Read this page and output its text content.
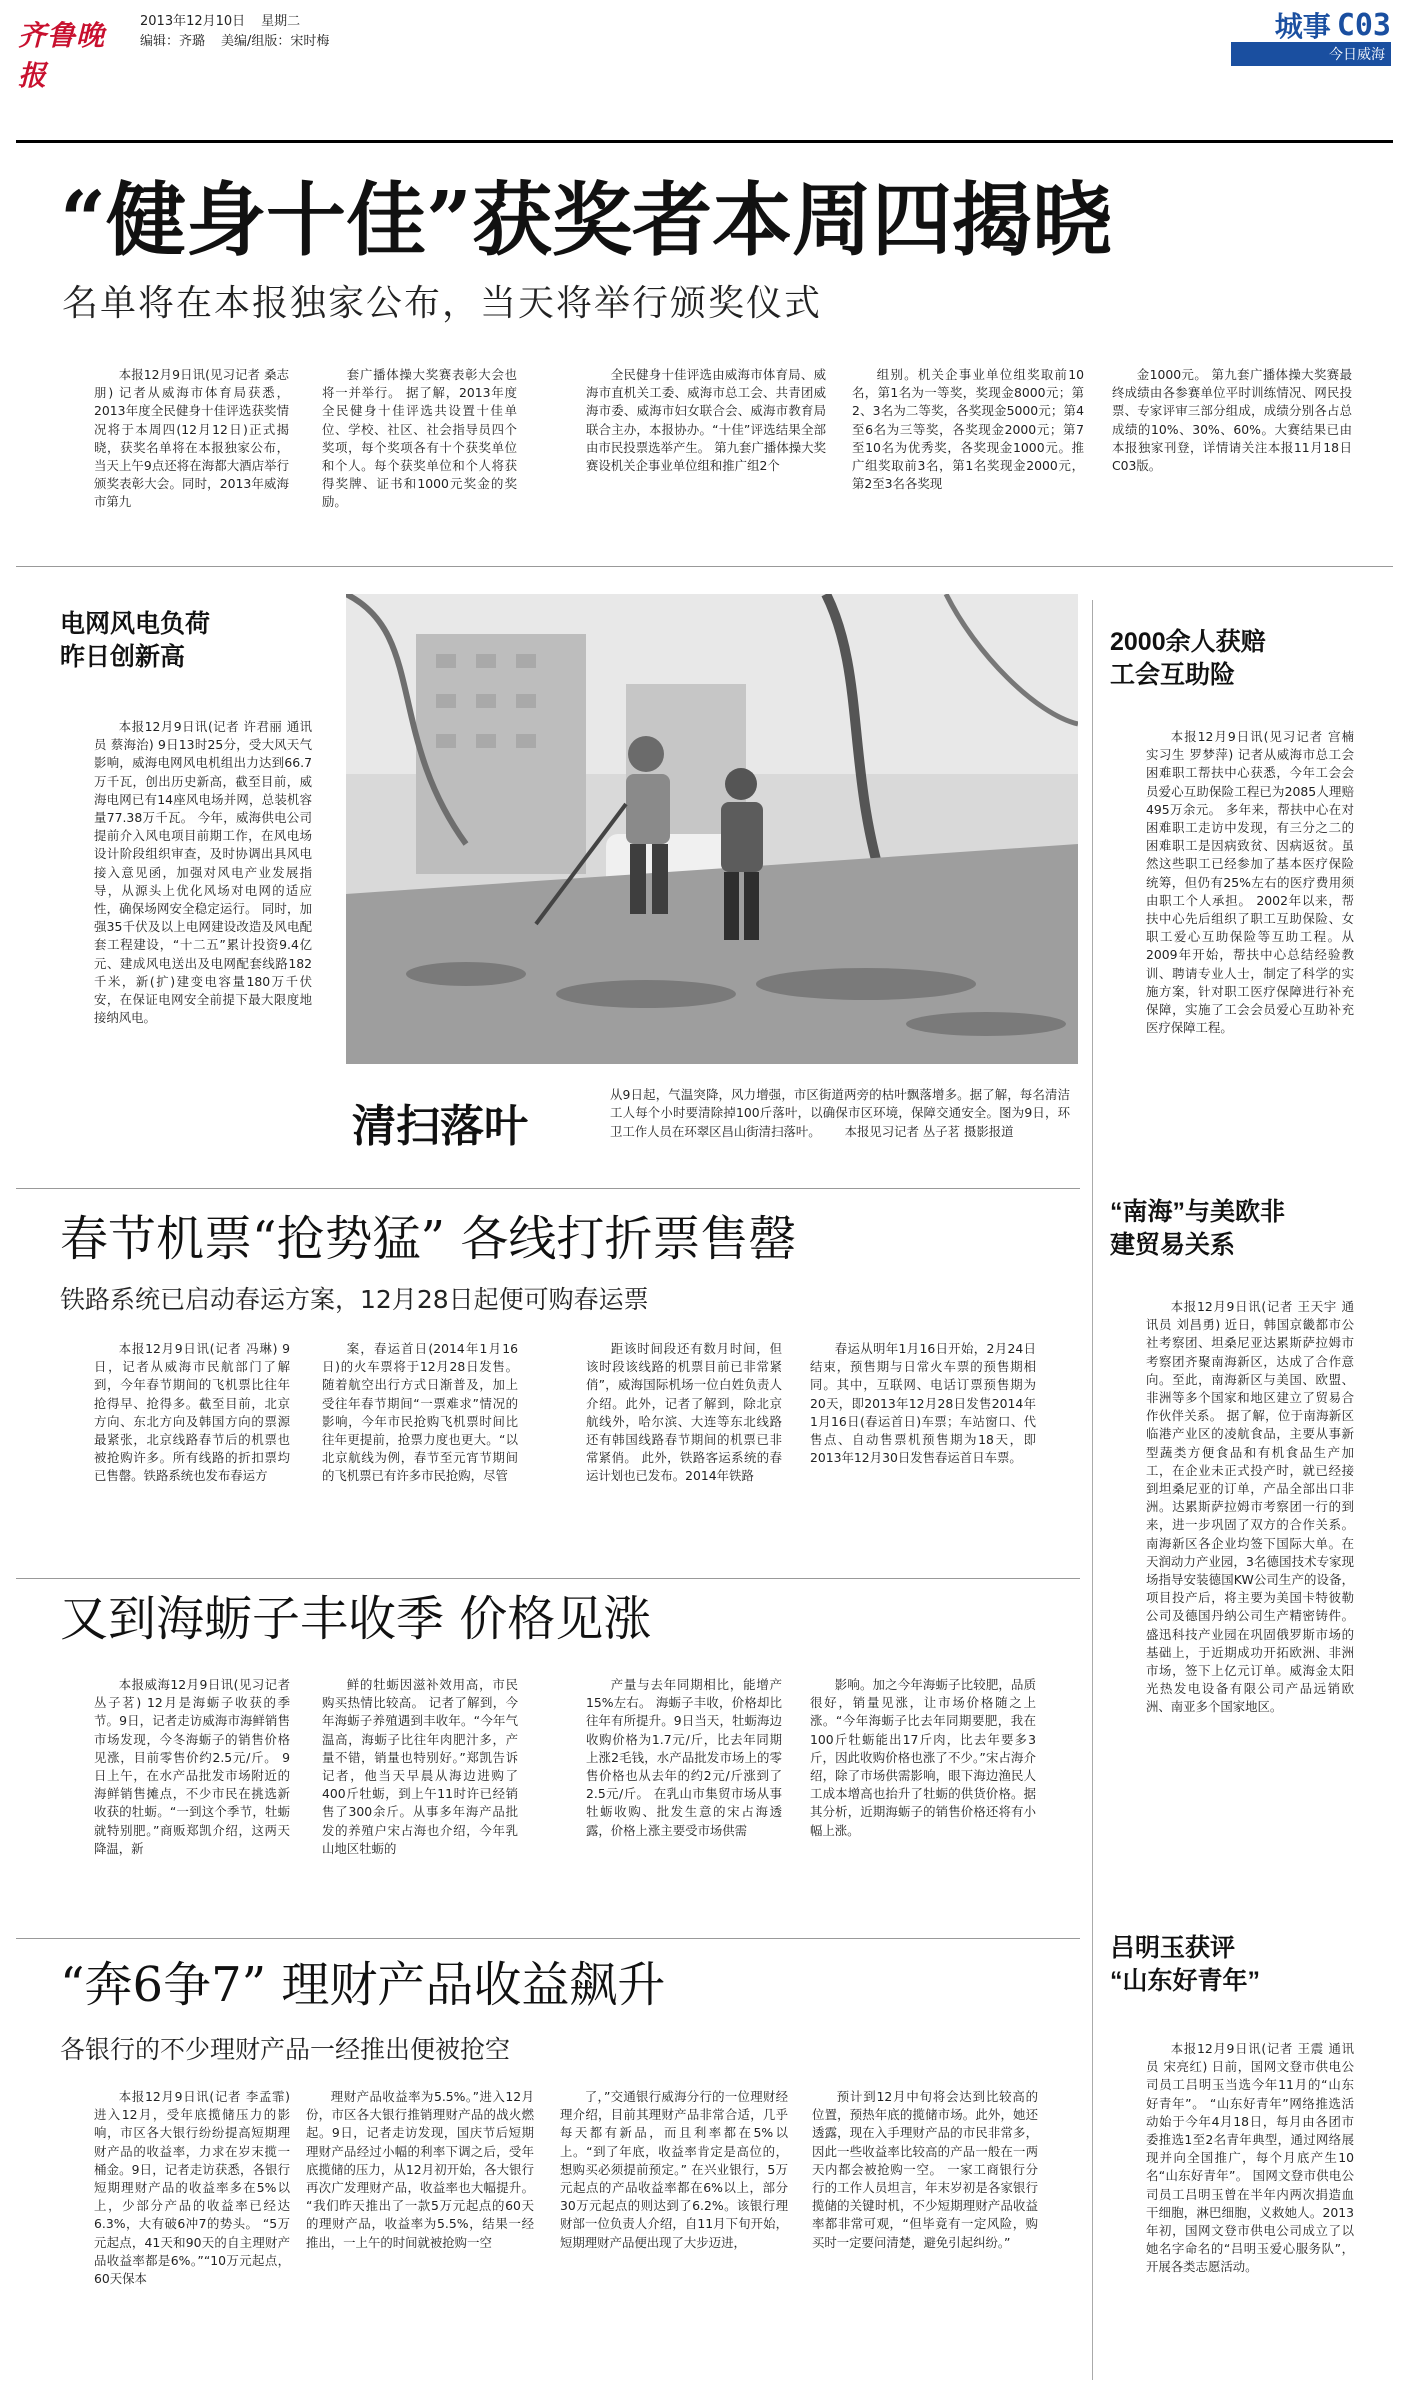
齐鲁晚报
2013年12月10日 星期二
编辑：齐璐 美编/组版：宋时梅	城事 C03
今日威海
“健身十佳”获奖者本周四揭晓
名单将在本报独家公布，当天将举行颁奖仪式

本报12月9日讯(见习记者 桑志朋) 记者从威海市体育局获悉，2013年度全民健身十佳评选获奖情况将于本周四(12月12日)正式揭晓，获奖名单将在本报独家公布，当天上午9点还将在海都大酒店举行颁奖表彰大会。同时，2013年威海市第九

套广播体操大奖赛表彰大会也将一并举行。 据了解，2013年度全民健身十佳评选共设置十佳单位、学校、社区、社会指导员四个奖项，每个奖项各有十个获奖单位和个人。每个获奖单位和个人将获得奖牌、证书和1000元奖金的奖励。

全民健身十佳评选由威海市体育局、威海市直机关工委、威海市总工会、共青团威海市委、威海市妇女联合会、威海市教育局联合主办，本报协办。“十佳”评选结果全部由市民投票选举产生。 第九套广播体操大奖赛设机关企事业单位组和推广组2个

组别。机关企事业单位组奖取前10名，第1名为一等奖，奖现金8000元；第2、3名为二等奖，各奖现金5000元；第4至6名为三等奖，各奖现金2000元；第7至10名为优秀奖，各奖现金1000元。推广组奖取前3名，第1名奖现金2000元，第2至3名各奖现

金1000元。 第九套广播体操大奖赛最终成绩由各参赛单位平时训练情况、网民投票、专家评审三部分组成，成绩分别各占总成绩的10%、30%、60%。大赛结果已由本报独家刊登，详情请关注本报11月18日C03版。

电网风电负荷
昨日创新高

本报12月9日讯(记者 许君丽 通讯员 蔡海治) 9日13时25分，受大风天气影响，威海电网风电机组出力达到66.7万千瓦，创出历史新高，截至目前，威海电网已有14座风电场并网，总装机容量77.38万千瓦。 今年，威海供电公司提前介入风电项目前期工作，在风电场设计阶段组织审查，及时协调出具风电接入意见函，加强对风电产业发展指导，从源头上优化风场对电网的适应性，确保场网安全稳定运行。 同时，加强35千伏及以上电网建设改造及风电配套工程建设，“十二五”累计投资9.4亿元、建成风电送出及电网配套线路182千米，新(扩)建变电容量180万千伏安，在保证电网安全前提下最大限度地接纳风电。

清扫落叶
从9日起，气温突降，风力增强，市区街道两旁的枯叶飘落增多。据了解，每名清洁工人每个小时要清除掉100斤落叶，以确保市区环境，保障交通安全。图为9日，环卫工作人员在环翠区昌山街清扫落叶。 本报见习记者 丛子茗 摄影报道
2000余人获赔
工会互助险

本报12月9日讯(见习记者 宫楠 实习生 罗梦萍) 记者从威海市总工会困难职工帮扶中心获悉，今年工会会员爱心互助保险工程已为2085人理赔495万余元。 多年来，帮扶中心在对困难职工走访中发现，有三分之二的困难职工是因病致贫、因病返贫。虽然这些职工已经参加了基本医疗保险统筹，但仍有25%左右的医疗费用须由职工个人承担。 2002年以来，帮扶中心先后组织了职工互助保险、女职工爱心互助保险等互助工程。从2009年开始，帮扶中心总结经验教训、聘请专业人士，制定了科学的实施方案，针对职工医疗保障进行补充保障，实施了工会会员爱心互助补充医疗保障工程。

“南海”与美欧非
建贸易关系

本报12月9日讯(记者 王天宇 通讯员 刘昌勇) 近日，韩国京畿都市公社考察团、坦桑尼亚达累斯萨拉姆市考察团齐聚南海新区，达成了合作意向。至此，南海新区与美国、欧盟、非洲等多个国家和地区建立了贸易合作伙伴关系。 据了解，位于南海新区临港产业区的凌航食品，主要从事新型蔬类方便食品和有机食品生产加工，在企业未正式投产时，就已经接到坦桑尼亚的订单，产品全部出口非洲。达累斯萨拉姆市考察团一行的到来，进一步巩固了双方的合作关系。 南海新区各企业均签下国际大单。在天润动力产业园，3名德国技术专家现场指导安装德国KW公司生产的设备，项目投产后，将主要为美国卡特彼勒公司及德国丹纳公司生产精密铸件。盛迅科技产业园在巩固俄罗斯市场的基础上，于近期成功开拓欧洲、非洲市场，签下上亿元订单。威海金太阳光热发电设备有限公司产品远销欧洲、南亚多个国家地区。

吕明玉获评
“山东好青年”

本报12月9日讯(记者 王震 通讯员 宋亮红) 日前，国网文登市供电公司员工吕明玉当选今年11月的“山东好青年”。 “山东好青年”网络推选活动始于今年4月18日，每月由各团市委推选1至2名青年典型，通过网络展现并向全国推广，每个月底产生10名“山东好青年”。 国网文登市供电公司员工吕明玉曾在半年内两次捐造血干细胞，淋巴细胞，义救她人。2013年初，国网文登市供电公司成立了以她名字命名的“吕明玉爱心服务队”，开展各类志愿活动。

春节机票“抢势猛” 各线打折票售罄
铁路系统已启动春运方案，12月28日起便可购春运票

本报12月9日讯(记者 冯琳) 9日，记者从威海市民航部门了解到，今年春节期间的飞机票比往年抢得早、抢得多。截至目前，北京方向、东北方向及韩国方向的票源最紧张，北京线路春节后的机票也被抢购许多。所有线路的折扣票均已售罄。铁路系统也发布春运方

案，春运首日(2014年1月16日)的火车票将于12月28日发售。 随着航空出行方式日渐普及，加上受往年春节期间“一票难求”情况的影响，今年市民抢购飞机票时间比往年更提前，抢票力度也更大。“以北京航线为例，春节至元宵节期间的飞机票已有许多市民抢购，尽管

距该时间段还有数月时间，但该时段该线路的机票目前已非常紧俏”，威海国际机场一位白姓负责人介绍。此外，记者了解到，除北京航线外，哈尔滨、大连等东北线路还有韩国线路春节期间的机票已非常紧俏。 此外，铁路客运系统的春运计划也已发布。2014年铁路

春运从明年1月16日开始，2月24日结束，预售期与日常火车票的预售期相同。其中，互联网、电话订票预售期为20天，即2013年12月28日发售2014年1月16日(春运首日)车票；车站窗口、代售点、自动售票机预售期为18天，即2013年12月30日发售春运首日车票。

又到海蛎子丰收季 价格见涨

本报威海12月9日讯(见习记者 丛子茗) 12月是海蛎子收获的季节。9日，记者走访威海市海鲜销售市场发现，今冬海蛎子的销售价格见涨，目前零售价约2.5元/斤。 9日上午，在水产品批发市场附近的海鲜销售摊点，不少市民在挑选新收获的牡蛎。“一到这个季节，牡蛎就特别肥。”商贩郑凯介绍，这两天降温，新

鲜的牡蛎因滋补效用高，市民购买热情比较高。 记者了解到，今年海蛎子养殖遇到丰收年。“今年气温高，海蛎子比往年肉肥汁多，产量不错，销量也特别好。”郑凯告诉记者，他当天早晨从海边进购了400斤牡蛎，到上午11时许已经销售了300余斤。从事多年海产品批发的养殖户宋占海也介绍，今年乳山地区牡蛎的

产量与去年同期相比，能增产15%左右。 海蛎子丰收，价格却比往年有所提升。9日当天，牡蛎海边收购价格为1.7元/斤，比去年同期上涨2毛钱，水产品批发市场上的零售价格也从去年的约2元/斤涨到了2.5元/斤。 在乳山市集贸市场从事牡蛎收购、批发生意的宋占海透露，价格上涨主要受市场供需

影响。加之今年海蛎子比较肥，品质很好，销量见涨，让市场价格随之上涨。“今年海蛎子比去年同期要肥，我在100斤牡蛎能出17斤肉，比去年要多3斤，因此收购价格也涨了不少。”宋占海介绍，除了市场供需影响，眼下海边渔民人工成本增高也抬升了牡蛎的供货价格。据其分析，近期海蛎子的销售价格还将有小幅上涨。

“奔6争7” 理财产品收益飙升
各银行的不少理财产品一经推出便被抢空

本报12月9日讯(记者 李孟霏) 进入12月，受年底揽储压力的影响，市区各大银行纷纷提高短期理财产品的收益率，力求在岁末揽一桶金。9日，记者走访获悉，各银行短期理财产品的收益率多在5%以上，少部分产品的收益率已经达6.3%，大有破6冲7的势头。 “5万元起点，41天和90天的自主理财产品收益率都是6%。”“10万元起点，60天保本

理财产品收益率为5.5%。”进入12月份，市区各大银行推销理财产品的战火燃起。9日，记者走访发现，国庆节后短期理财产品经过小幅的利率下调之后，受年底揽储的压力，从12月初开始，各大银行再次广发理财产品，收益率也大幅提升。 “我们昨天推出了一款5万元起点的60天的理财产品，收益率为5.5%，结果一经推出，一上午的时间就被抢购一空

了，”交通银行威海分行的一位理财经理介绍，目前其理财产品非常合适，几乎每天都有新品，而且利率都在5%以上。“到了年底，收益率肯定是高位的，想购买必须提前预定。” 在兴业银行，5万元起点的产品收益率都在6%以上，部分30万元起点的则达到了6.2%。该银行理财部一位负责人介绍，自11月下旬开始，短期理财产品便出现了大步迈进，

预计到12月中旬将会达到比较高的位置，预热年底的揽储市场。此外，她还透露，现在入手理财产品的市民非常多，因此一些收益率比较高的产品一般在一两天内都会被抢购一空。 一家工商银行分行的工作人员坦言，年末岁初是各家银行揽储的关键时机，不少短期理财产品收益率都非常可观，“但毕竟有一定风险，购买时一定要问清楚，避免引起纠纷。”
